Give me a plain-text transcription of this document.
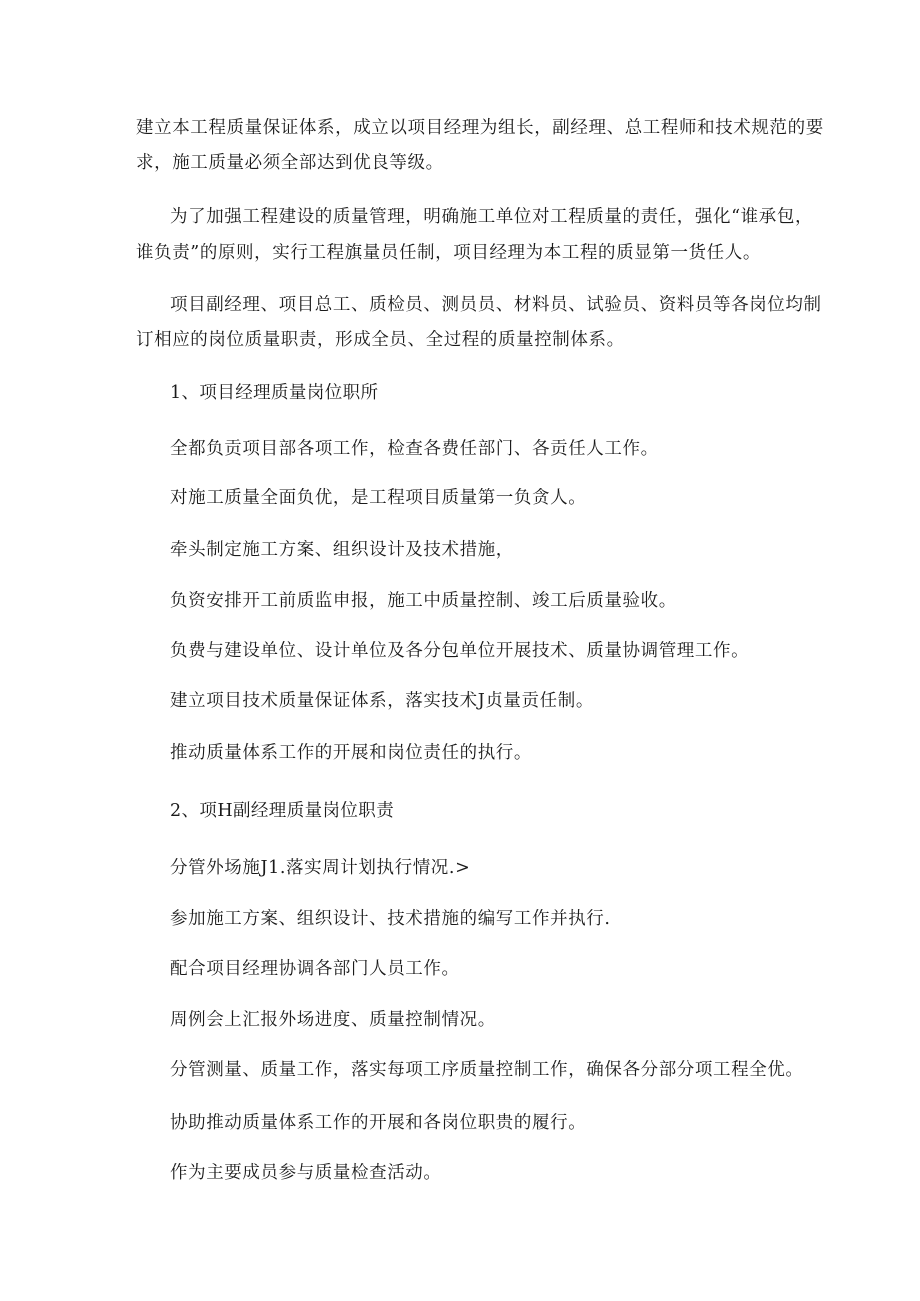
建立本工程质量保证体系，成立以项目经理为组长，副经理、总工程师和技术规范的要

求，施工质量必须全部达到优良等级。

为了加强工程建设的质量管理，明确施工单位对工程质量的责任，强化“谁承包，

谁负责”的原则，实行工程旗量员任制，项目经理为本工程的质显第一货任人。

项目副经理、项目总工、质检员、测员员、材料员、试验员、资料员等各岗位均制

订相应的岗位质量职责，形成全员、全过程的质量控制体系。

1、项目经理质量岗位职所

全都负贡项目部各项工作，检查各费任部门、各贡任人工作。

对施工质量全面负优，是工程项目质量第一负贪人。

牵头制定施工方案、组织设计及技术措施，

负资安排开工前质监申报，施工中质量控制、竣工后质量验收。

负费与建设单位、设计单位及各分包单位开展技术、质量协调管理工作。

建立项目技术质量保证体系，落实技术J贞量贡任制。

推动质量体系工作的开展和岗位责任的执行。

2、项H副经理质量岗位职责

分管外场施J1.落实周计划执行情况.>

参加施工方案、组织设计、技术措施的编写工作并执行.

配合项目经理协调各部门人员工作。

周例会上汇报外场进度、质量控制情况。

分管测量、质量工作，落实每项工序质量控制工作，确保各分部分项工程全优。

协助推动质量体系工作的开展和各岗位职贵的履行。

作为主要成员参与质量检查活动。
